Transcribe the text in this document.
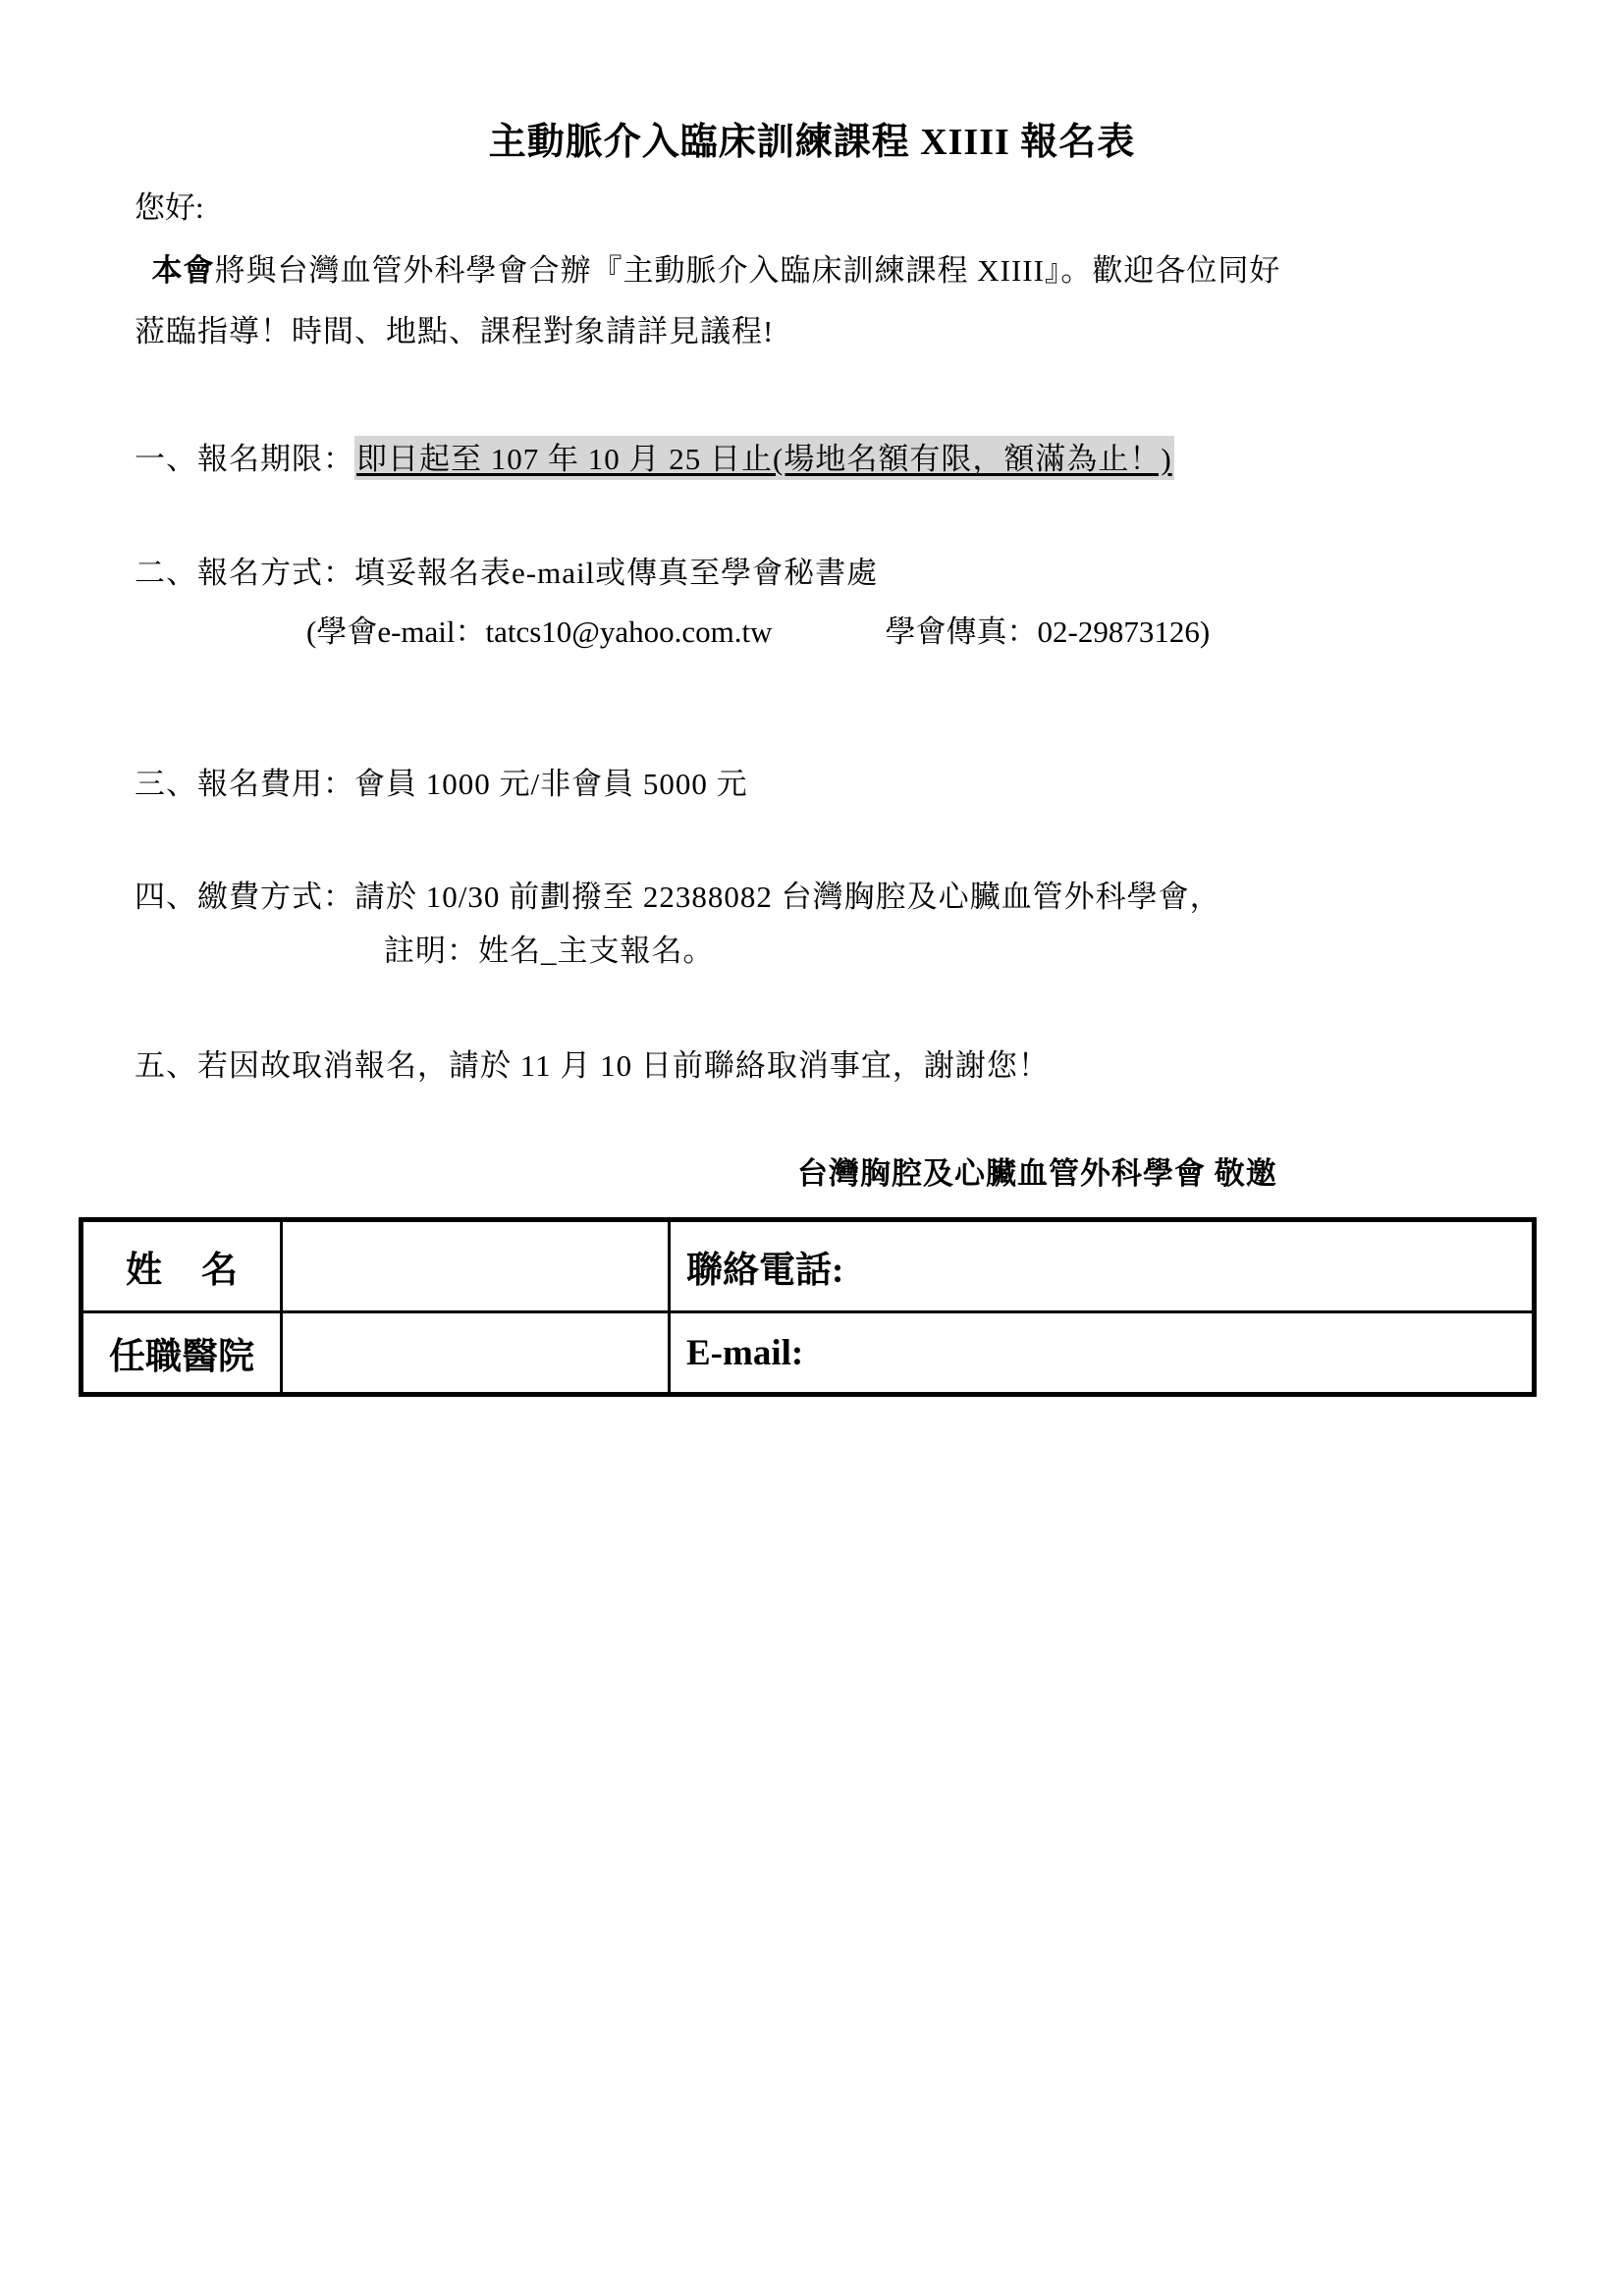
主動脈介入臨床訓練課程 XIIII 報名表
您好:
本會將與台灣血管外科學會合辦『主動脈介入臨床訓練課程 XIIII』。歡迎各位同好
蒞臨指導！時間、地點、課程對象請詳見議程!
一、報名期限：即日起至 107 年 10 月 25 日止(場地名額有限，額滿為止！)
二、報名方式：填妥報名表e-mail或傳真至學會秘書處
(學會e-mail：tatcs10@yahoo.com.tw	學會傳真：02-29873126)
三、報名費用：會員 1000 元/非會員 5000 元
四、繳費方式：請於 10/30 前劃撥至 22388082 台灣胸腔及心臟血管外科學會，
註明：姓名_主支報名。
五、若因故取消報名，請於 11 月 10 日前聯絡取消事宜，謝謝您！
台灣胸腔及心臟血管外科學會 敬邀
姓名		聯絡電話:
任職醫院		E-mail:
